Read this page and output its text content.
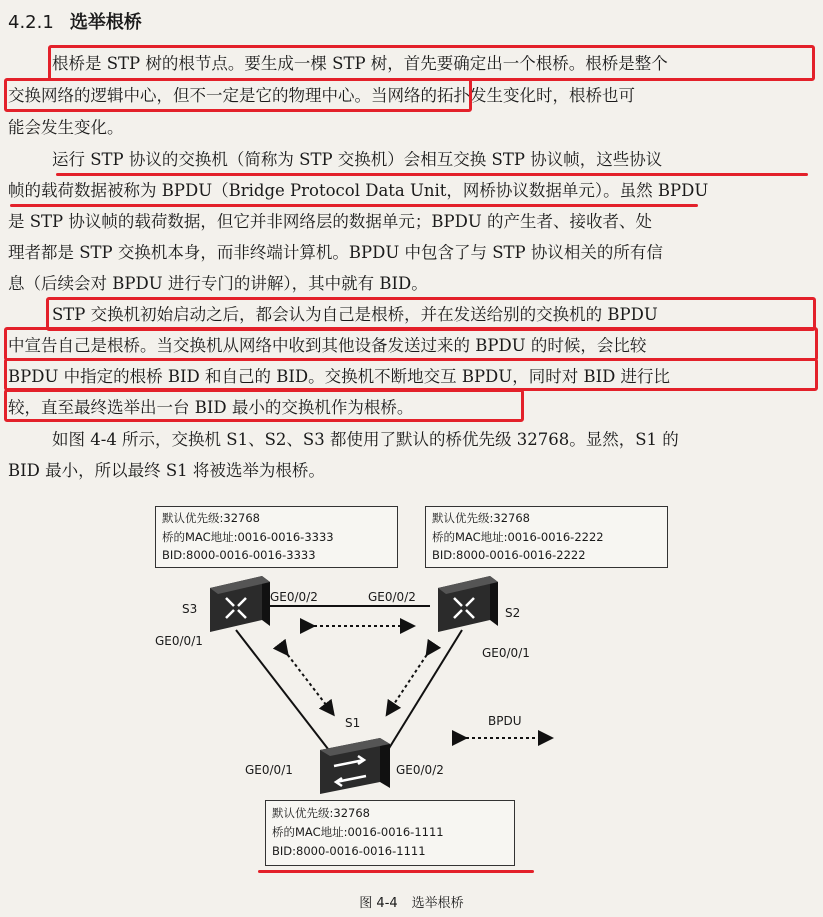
4.2.1 选举根桥
根桥是 STP 树的根节点。要生成一棵 STP 树，首先要确定出一个根桥。根桥是整个
交换网络的逻辑中心，但不一定是它的物理中心。当网络的拓扑发生变化时，根桥也可
能会发生变化。
运行 STP 协议的交换机（简称为 STP 交换机）会相互交换 STP 协议帧，这些协议
帧的载荷数据被称为 BPDU（Bridge Protocol Data Unit，网桥协议数据单元）。虽然 BPDU
是 STP 协议帧的载荷数据，但它并非网络层的数据单元；BPDU 的产生者、接收者、处
理者都是 STP 交换机本身，而非终端计算机。BPDU 中包含了与 STP 协议相关的所有信
息（后续会对 BPDU 进行专门的讲解），其中就有 BID。
STP 交换机初始启动之后，都会认为自己是根桥，并在发送给别的交换机的 BPDU
中宣告自己是根桥。当交换机从网络中收到其他设备发送过来的 BPDU 的时候，会比较
BPDU 中指定的根桥 BID 和自己的 BID。交换机不断地交互 BPDU，同时对 BID 进行比
较，直至最终选举出一台 BID 最小的交换机作为根桥。
如图 4-4 所示，交换机 S1、S2、S3 都使用了默认的桥优先级 32768。显然，S1 的
BID 最小，所以最终 S1 将被选举为根桥。
默认优先级:32768
桥的MAC地址:0016-0016-3333
BID:8000-0016-0016-3333
默认优先级:32768
桥的MAC地址:0016-0016-2222
BID:8000-0016-0016-2222
默认优先级:32768
桥的MAC地址:0016-0016-1111
BID:8000-0016-0016-1111
S3	S2
S1
GE0/0/2
GE0/0/1
GE0/0/2
GE0/0/1
GE0/0/1	GE0/0/2
BPDU
图 4-4 选举根桥
